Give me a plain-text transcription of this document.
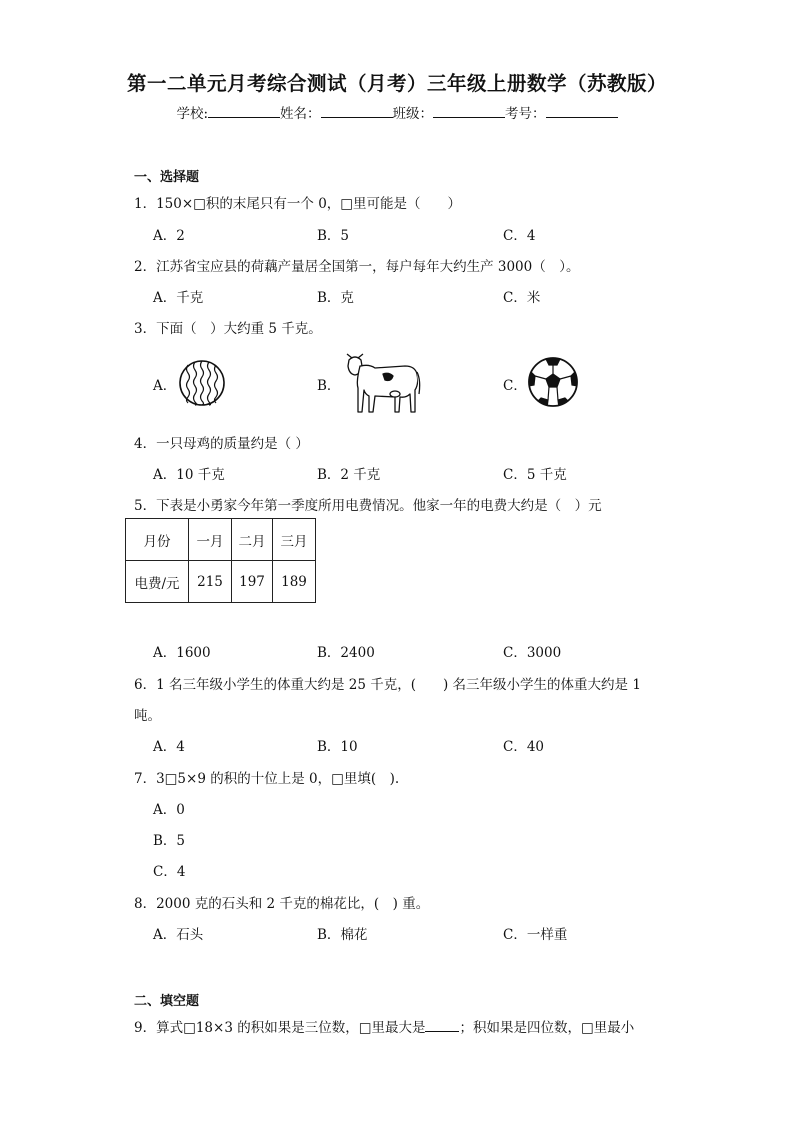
第一二单元月考综合测试（月考）三年级上册数学（苏教版）
学校:	姓名：	班级：	考号：
一、选择题
1．150×□积的末尾只有一个 0，□里可能是（　　）
A．2	B．5	C．4
2．江苏省宝应县的荷藕产量居全国第一，每户每年大约生产 3000（　）。
A．千克	B．克	C．米
3．下面（　）大约重 5 千克。
A．	B．	C．
4．一只母鸡的质量约是（ ）
A．10 千克	B．2 千克	C．5 千克
5．下表是小勇家今年第一季度所用电费情况。他家一年的电费大约是（　）元
月份	一月	二月	三月
电费/元	215	197	189
A．1600	B．2400	C．3000
6．1 名三年级小学生的体重大约是 25 千克，(　　) 名三年级小学生的体重大约是 1
吨。
A．4	B．10	C．40
7．3□5×9 的积的十位上是 0，□里填(　).
A．0
B．5
C．4
8．2000 克的石头和 2 千克的棉花比，(　) 重。
A．石头	B．棉花	C．一样重
二、填空题
9．算式□18×3 的积如果是三位数，□里最大是	；积如果是四位数，□里最小
